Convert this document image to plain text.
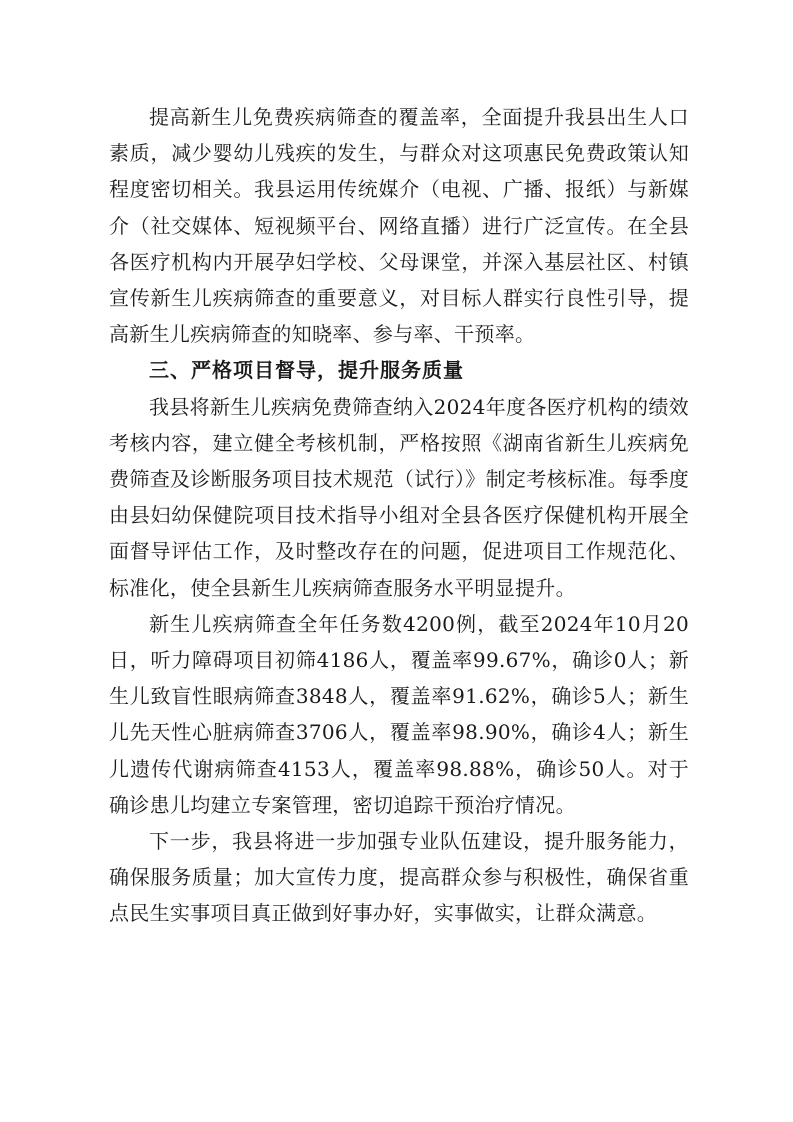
提高新生儿免费疾病筛查的覆盖率，全面提升我县出生人口素质，减少婴幼儿残疾的发生，与群众对这项惠民免费政策认知程度密切相关。我县运用传统媒介（电视、广播、报纸）与新媒介（社交媒体、短视频平台、网络直播）进行广泛宣传。在全县各医疗机构内开展孕妇学校、父母课堂，并深入基层社区、村镇宣传新生儿疾病筛查的重要意义，对目标人群实行良性引导，提高新生儿疾病筛查的知晓率、参与率、干预率。

三、严格项目督导，提升服务质量

我县将新生儿疾病免费筛查纳入2024年度各医疗机构的绩效考核内容，建立健全考核机制，严格按照《湖南省新生儿疾病免费筛查及诊断服务项目技术规范（试行）》制定考核标准。每季度由县妇幼保健院项目技术指导小组对全县各医疗保健机构开展全面督导评估工作，及时整改存在的问题，促进项目工作规范化、标准化，使全县新生儿疾病筛查服务水平明显提升。

新生儿疾病筛查全年任务数4200例，截至2024年10月20日，听力障碍项目初筛4186人，覆盖率99.67%，确诊0人；新生儿致盲性眼病筛查3848人，覆盖率91.62%，确诊5人；新生儿先天性心脏病筛查3706人，覆盖率98.90%，确诊4人；新生儿遗传代谢病筛查4153人，覆盖率98.88%，确诊50人。对于确诊患儿均建立专案管理，密切追踪干预治疗情况。

下一步，我县将进一步加强专业队伍建设，提升服务能力，确保服务质量；加大宣传力度，提高群众参与积极性，确保省重点民生实事项目真正做到好事办好，实事做实，让群众满意。
